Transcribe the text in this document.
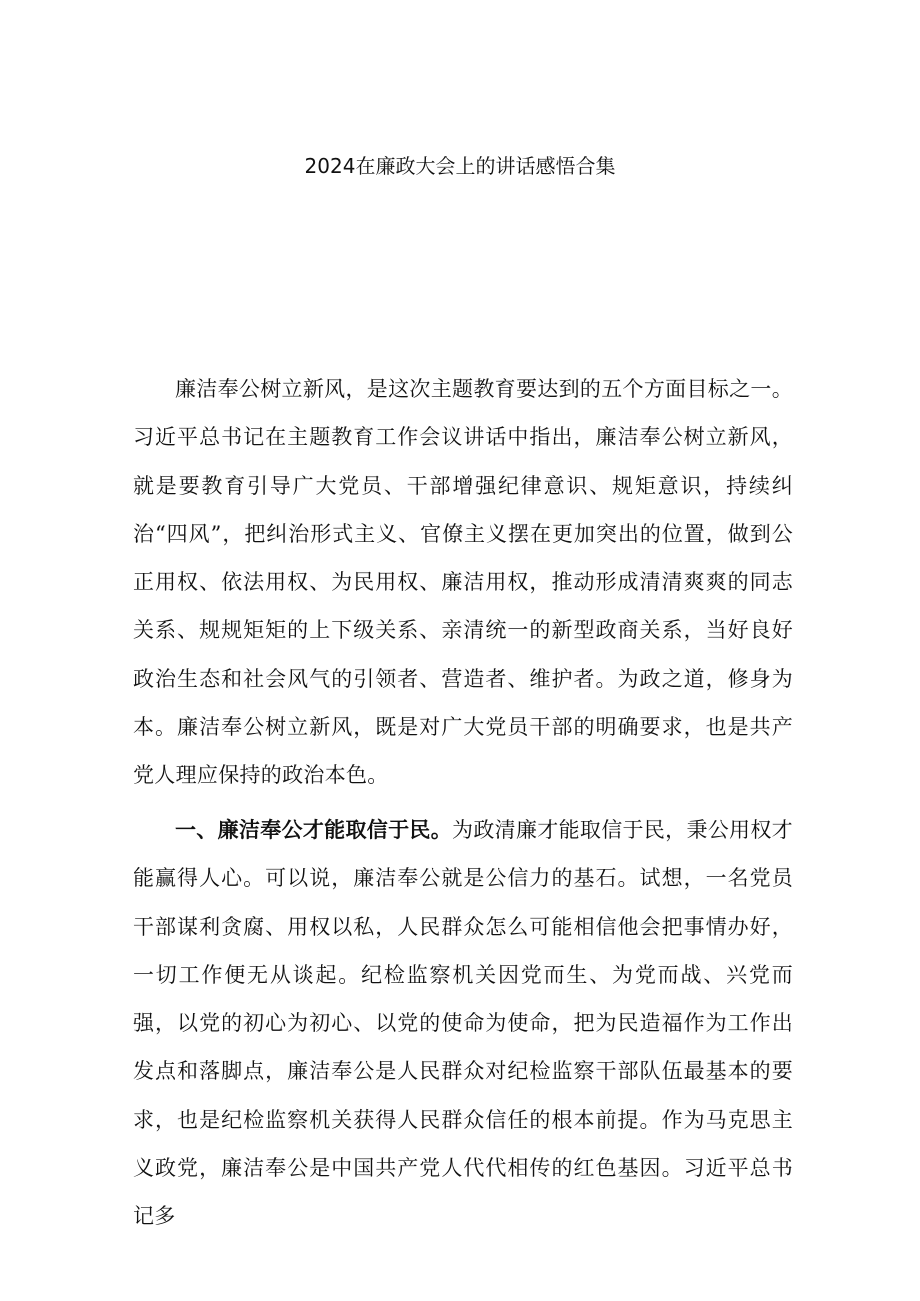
2024在廉政大会上的讲话感悟合集

廉洁奉公树立新风，是这次主题教育要达到的五个方面目标之一。习近平总书记在主题教育工作会议讲话中指出，廉洁奉公树立新风，就是要教育引导广大党员、干部增强纪律意识、规矩意识，持续纠治“四风”，把纠治形式主义、官僚主义摆在更加突出的位置，做到公正用权、依法用权、为民用权、廉洁用权，推动形成清清爽爽的同志关系、规规矩矩的上下级关系、亲清统一的新型政商关系，当好良好政治生态和社会风气的引领者、营造者、维护者。为政之道，修身为本。廉洁奉公树立新风，既是对广大党员干部的明确要求，也是共产党人理应保持的政治本色。

一、廉洁奉公才能取信于民。为政清廉才能取信于民，秉公用权才能赢得人心。可以说，廉洁奉公就是公信力的基石。试想，一名党员干部谋利贪腐、用权以私，人民群众怎么可能相信他会把事情办好，一切工作便无从谈起。纪检监察机关因党而生、为党而战、兴党而强，以党的初心为初心、以党的使命为使命，把为民造福作为工作出发点和落脚点，廉洁奉公是人民群众对纪检监察干部队伍最基本的要求，也是纪检监察机关获得人民群众信任的根本前提。作为马克思主义政党，廉洁奉公是中国共产党人代代相传的红色基因。习近平总书记多
